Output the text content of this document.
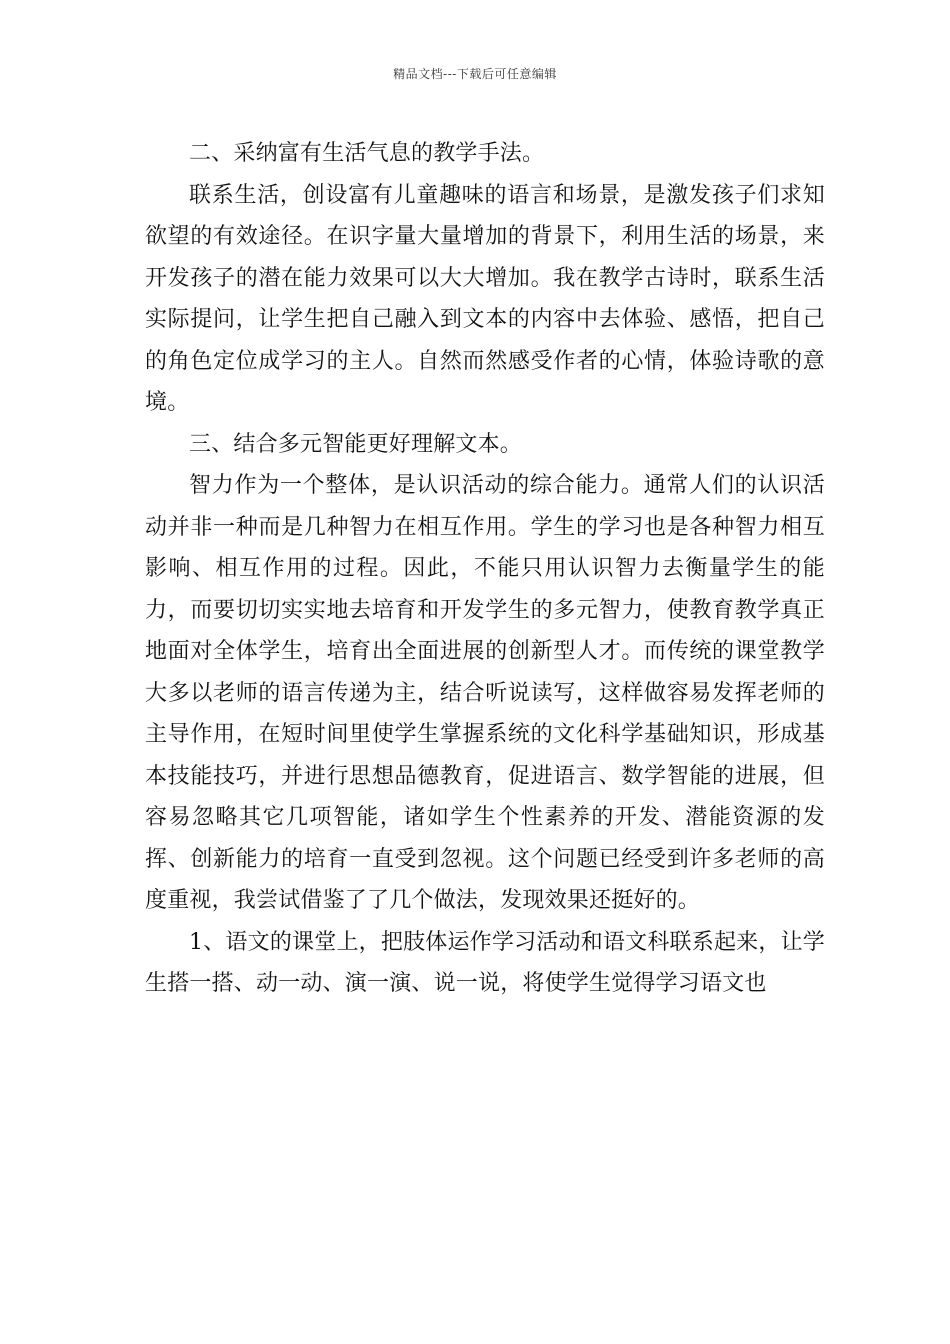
精品文档---下载后可任意编辑

二、采纳富有生活气息的教学手法。

联系生活，创设富有儿童趣味的语言和场景，是激发孩子们求知欲望的有效途径。在识字量大量增加的背景下，利用生活的场景，来开发孩子的潜在能力效果可以大大增加。我在教学古诗时，联系生活实际提问，让学生把自己融入到文本的内容中去体验、感悟，把自己的角色定位成学习的主人。自然而然感受作者的心情，体验诗歌的意境。

三、结合多元智能更好理解文本。

智力作为一个整体，是认识活动的综合能力。通常人们的认识活动并非一种而是几种智力在相互作用。学生的学习也是各种智力相互影响、相互作用的过程。因此，不能只用认识智力去衡量学生的能力，而要切切实实地去培育和开发学生的多元智力，使教育教学真正地面对全体学生，培育出全面进展的创新型人才。而传统的课堂教学大多以老师的语言传递为主，结合听说读写，这样做容易发挥老师的主导作用，在短时间里使学生掌握系统的文化科学基础知识，形成基本技能技巧，并进行思想品德教育，促进语言、数学智能的进展，但容易忽略其它几项智能，诸如学生个性素养的开发、潜能资源的发挥、创新能力的培育一直受到忽视。这个问题已经受到许多老师的高度重视，我尝试借鉴了了几个做法，发现效果还挺好的。

1、语文的课堂上，把肢体运作学习活动和语文科联系起来，让学生搭一搭、动一动、演一演、说一说，将使学生觉得学习语文也
